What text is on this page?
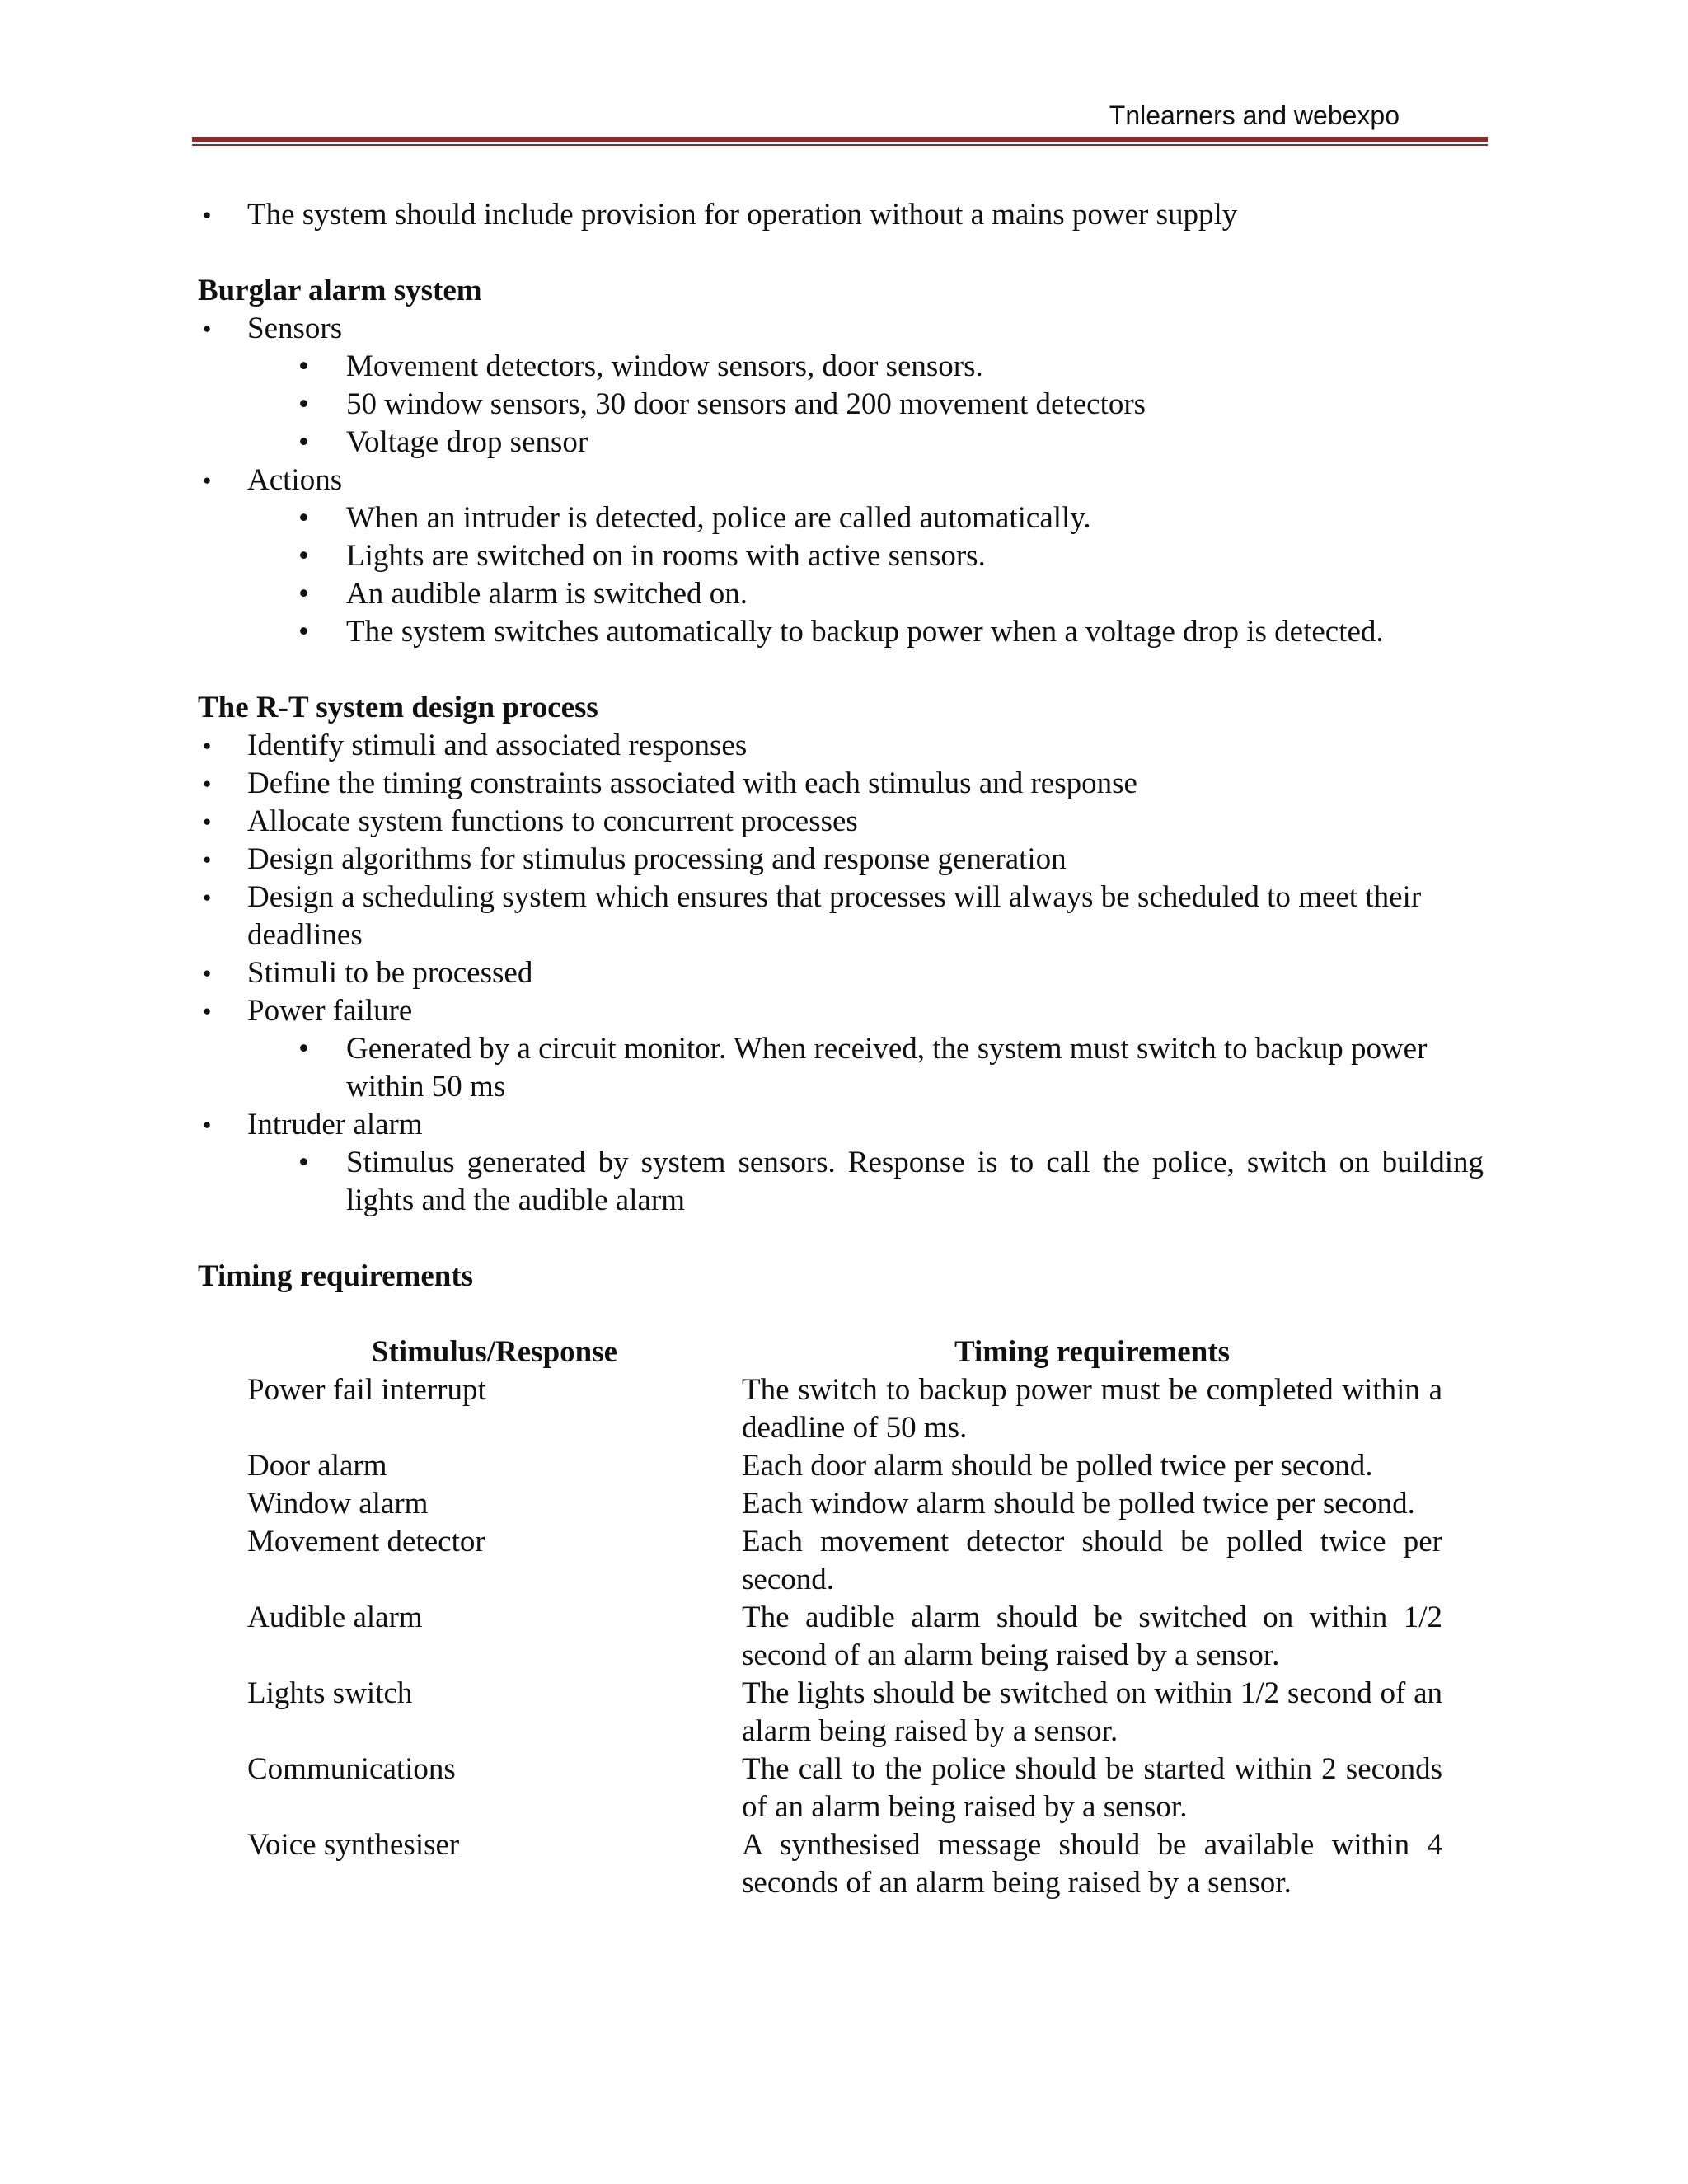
Tnlearners and webexpo
● The system should include provision for operation without a mains power supply
Burglar alarm system
● Sensors
• Movement detectors, window sensors, door sensors.
• 50 window sensors, 30 door sensors and 200 movement detectors
• Voltage drop sensor
● Actions
• When an intruder is detected, police are called automatically.
• Lights are switched on in rooms with active sensors.
• An audible alarm is switched on.
• The system switches automatically to backup power when a voltage drop is detected.
The R-T system design process
● Identify stimuli and associated responses
● Define the timing constraints associated with each stimulus and response
● Allocate system functions to concurrent processes
● Design algorithms for stimulus processing and response generation
● Design a scheduling system which ensures that processes will always be scheduled to meet their deadlines
● Stimuli to be processed
● Power failure
• Generated by a circuit monitor. When received, the system must switch to backup power within 50 ms
● Intruder alarm
• Stimulus generated by system sensors. Response is to call the police, switch on building lights and the audible alarm
Timing requirements
Stimulus/Response	Timing requirements
Power fail interrupt	The switch to backup power must be completed within a deadline of 50 ms.
Door alarm	Each door alarm should be polled twice per second.
Window alarm	Each window alarm should be polled twice per second.
Movement detector	Each movement detector should be polled twice per second.
Audible alarm	The audible alarm should be switched on within 1/2 second of an alarm being raised by a sensor.
Lights switch	The lights should be switched on within 1/2 second of an alarm being raised by a sensor.
Communications	The call to the police should be started within 2 seconds of an alarm being raised by a sensor.
Voice synthesiser	A synthesised message should be available within 4 seconds of an alarm being raised by a sensor.
